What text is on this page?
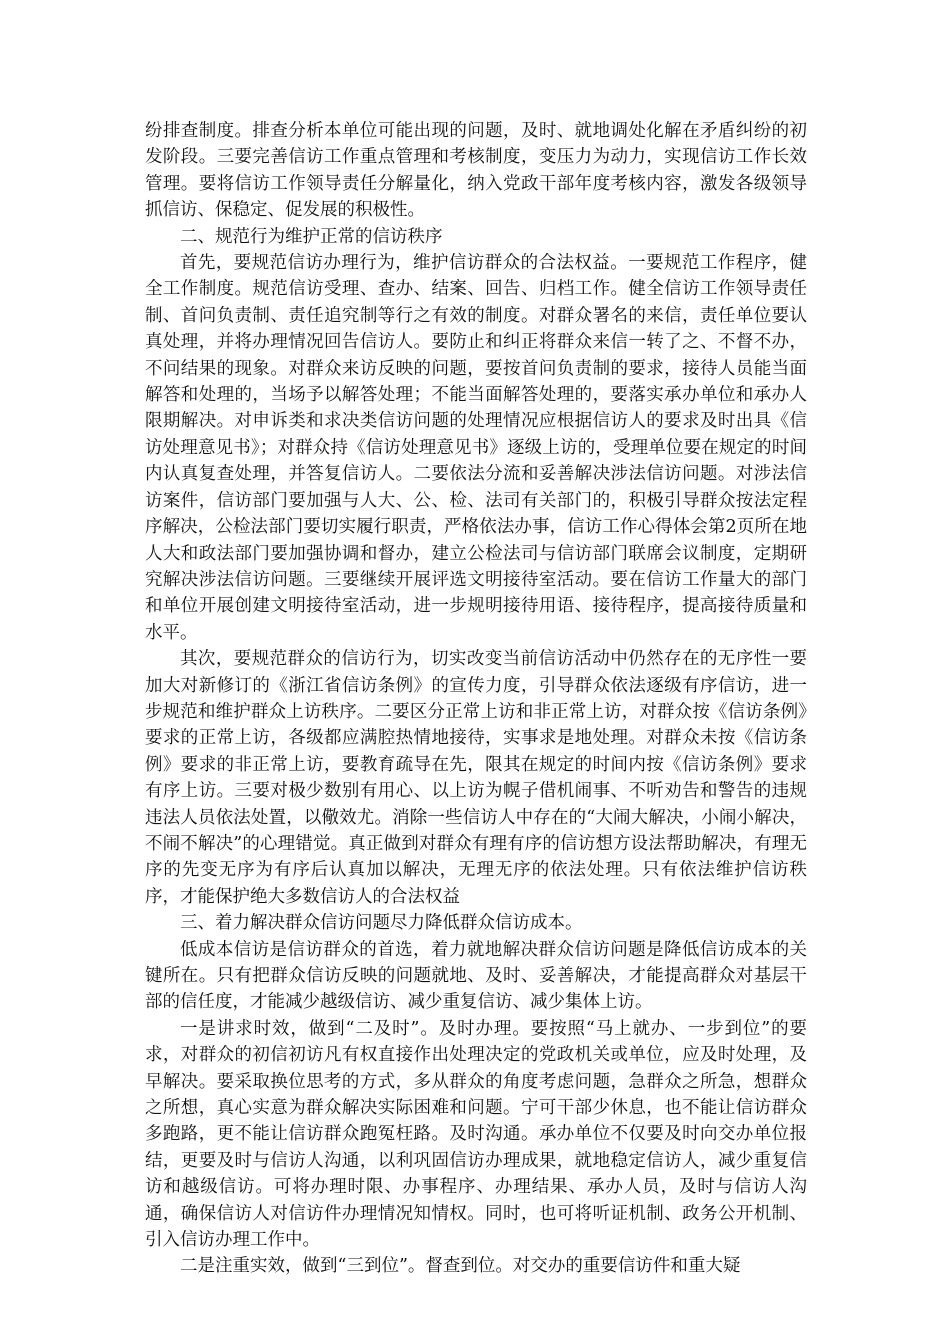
纷排查制度。排查分析本单位可能出现的问题，及时、就地调处化解在矛盾纠纷的初发阶段。三要完善信访工作重点管理和考核制度，变压力为动力，实现信访工作长效管理。要将信访工作领导责任分解量化，纳入党政干部年度考核内容，激发各级领导抓信访、保稳定、促发展的积极性。

二、规范行为维护正常的信访秩序

首先，要规范信访办理行为，维护信访群众的合法权益。一要规范工作程序，健全工作制度。规范信访受理、查办、结案、回告、归档工作。健全信访工作领导责任制、首问负责制、责任追究制等行之有效的制度。对群众署名的来信，责任单位要认真处理，并将办理情况回告信访人。要防止和纠正将群众来信一转了之、不督不办，不问结果的现象。对群众来访反映的问题，要按首问负责制的要求，接待人员能当面解答和处理的，当场予以解答处理；不能当面解答处理的，要落实承办单位和承办人限期解决。对申诉类和求决类信访问题的处理情况应根据信访人的要求及时出具《信访处理意见书》；对群众持《信访处理意见书》逐级上访的，受理单位要在规定的时间内认真复查处理，并答复信访人。二要依法分流和妥善解决涉法信访问题。对涉法信访案件，信访部门要加强与人大、公、检、法司有关部门的，积极引导群众按法定程序解决，公检法部门要切实履行职责，严格依法办事，信访工作心得体会第2页所在地人大和政法部门要加强协调和督办，建立公检法司与信访部门联席会议制度，定期研究解决涉法信访问题。三要继续开展评选文明接待室活动。要在信访工作量大的部门和单位开展创建文明接待室活动，进一步规明接待用语、接待程序，提高接待质量和水平。

其次，要规范群众的信访行为，切实改变当前信访活动中仍然存在的无序性一要加大对新修订的《浙江省信访条例》的宣传力度，引导群众依法逐级有序信访，进一步规范和维护群众上访秩序。二要区分正常上访和非正常上访，对群众按《信访条例》要求的正常上访，各级都应满腔热情地接待，实事求是地处理。对群众未按《信访条例》要求的非正常上访，要教育疏导在先，限其在规定的时间内按《信访条例》要求有序上访。三要对极少数别有用心、以上访为幌子借机闹事、不听劝告和警告的违规违法人员依法处置，以儆效尤。消除一些信访人中存在的“大闹大解决，小闹小解决，不闹不解决”的心理错觉。真正做到对群众有理有序的信访想方设法帮助解决，有理无序的先变无序为有序后认真加以解决，无理无序的依法处理。只有依法维护信访秩序，才能保护绝大多数信访人的合法权益

三、着力解决群众信访问题尽力降低群众信访成本。

低成本信访是信访群众的首选，着力就地解决群众信访问题是降低信访成本的关键所在。只有把群众信访反映的问题就地、及时、妥善解决，才能提高群众对基层干部的信任度，才能减少越级信访、减少重复信访、减少集体上访。

一是讲求时效，做到“二及时”。及时办理。要按照“马上就办、一步到位”的要求，对群众的初信初访凡有权直接作出处理决定的党政机关或单位，应及时处理，及早解决。要采取换位思考的方式，多从群众的角度考虑问题，急群众之所急，想群众之所想，真心实意为群众解决实际困难和问题。宁可干部少休息，也不能让信访群众多跑路，更不能让信访群众跑冤枉路。及时沟通。承办单位不仅要及时向交办单位报结，更要及时与信访人沟通，以利巩固信访办理成果，就地稳定信访人，减少重复信访和越级信访。可将办理时限、办事程序、办理结果、承办人员，及时与信访人沟通，确保信访人对信访件办理情况知情权。同时，也可将听证机制、政务公开机制、引入信访办理工作中。

二是注重实效，做到“三到位”。督查到位。对交办的重要信访件和重大疑
